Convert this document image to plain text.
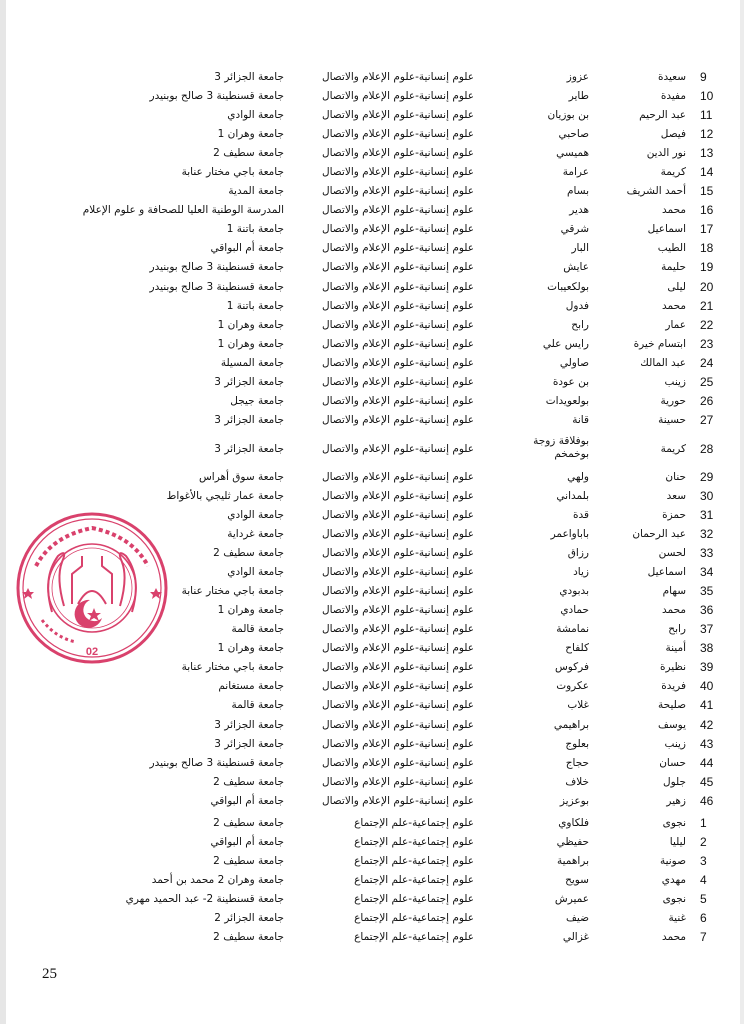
9
سعيدة
عزوز
علوم إنسانية-علوم الإعلام والاتصال
جامعة الجزائر 3
10
مفيدة
طاير
علوم إنسانية-علوم الإعلام والاتصال
جامعة قسنطينة 3 صالح بوبنيدر
11
عبد الرحيم
بن بوزيان
علوم إنسانية-علوم الإعلام والاتصال
جامعة الوادي
12
فيصل
صاحبي
علوم إنسانية-علوم الإعلام والاتصال
جامعة وهران 1
13
نور الدين
هميسي
علوم إنسانية-علوم الإعلام والاتصال
جامعة سطيف 2
14
كريمة
عرامة
علوم إنسانية-علوم الإعلام والاتصال
جامعة باجي مختار عنابة
15
أحمد الشريف
بسام
علوم إنسانية-علوم الإعلام والاتصال
جامعة المدية
16
محمد
هدير
علوم إنسانية-علوم الإعلام والاتصال
المدرسة الوطنية العليا للصحافة و علوم الإعلام
17
اسماعيل
شرقي
علوم إنسانية-علوم الإعلام والاتصال
جامعة باتنة 1
18
الطيب
البار
علوم إنسانية-علوم الإعلام والاتصال
جامعة أم البواقي
19
حليمة
عايش
علوم إنسانية-علوم الإعلام والاتصال
جامعة قسنطينة 3 صالح بوبنيدر
20
ليلى
بولكعيبات
علوم إنسانية-علوم الإعلام والاتصال
جامعة قسنطينة 3 صالح بوبنيدر
21
محمد
فدول
علوم إنسانية-علوم الإعلام والاتصال
جامعة باتنة 1
22
عمار
رابح
علوم إنسانية-علوم الإعلام والاتصال
جامعة وهران 1
23
ابتسام خيرة
رايس علي
علوم إنسانية-علوم الإعلام والاتصال
جامعة وهران 1
24
عبد المالك
صاولي
علوم إنسانية-علوم الإعلام والاتصال
جامعة المسيلة
25
زينب
بن عودة
علوم إنسانية-علوم الإعلام والاتصال
جامعة الجزائر 3
26
حورية
بولعويدات
علوم إنسانية-علوم الإعلام والاتصال
جامعة جيجل
27
حسينة
قانة
علوم إنسانية-علوم الإعلام والاتصال
جامعة الجزائر 3
28
كريمة
بوفلاقة زوجة بوخمخم
علوم إنسانية-علوم الإعلام والاتصال
جامعة الجزائر 3
29
حنان
ولهي
علوم إنسانية-علوم الإعلام والاتصال
جامعة سوق أهراس
30
سعد
بلمداني
علوم إنسانية-علوم الإعلام والاتصال
جامعة عمار ثليجي بالأغواط
31
حمزة
قدة
علوم إنسانية-علوم الإعلام والاتصال
جامعة الوادي
32
عبد الرحمان
باباواعمر
علوم إنسانية-علوم الإعلام والاتصال
جامعة غرداية
33
لحسن
رزاق
علوم إنسانية-علوم الإعلام والاتصال
جامعة سطيف 2
34
اسماعيل
زياد
علوم إنسانية-علوم الإعلام والاتصال
جامعة الوادي
35
سهام
بدبودي
علوم إنسانية-علوم الإعلام والاتصال
جامعة باجي مختار عنابة
36
محمد
حمادي
علوم إنسانية-علوم الإعلام والاتصال
جامعة وهران 1
37
رابح
نمامشة
علوم إنسانية-علوم الإعلام والاتصال
جامعة قالمة
38
أمينة
كلفاح
علوم إنسانية-علوم الإعلام والاتصال
جامعة وهران 1
39
نظيرة
فركوس
علوم إنسانية-علوم الإعلام والاتصال
جامعة باجي مختار عنابة
40
فريدة
عكروت
علوم إنسانية-علوم الإعلام والاتصال
جامعة مستغانم
41
صليحة
غلاب
علوم إنسانية-علوم الإعلام والاتصال
جامعة قالمة
42
يوسف
براهيمي
علوم إنسانية-علوم الإعلام والاتصال
جامعة الجزائر 3
43
زينب
بعلوج
علوم إنسانية-علوم الإعلام والاتصال
جامعة الجزائر 3
44
حسان
حجاج
علوم إنسانية-علوم الإعلام والاتصال
جامعة قسنطينة 3 صالح بوبنيدر
45
جلول
خلاف
علوم إنسانية-علوم الإعلام والاتصال
جامعة سطيف 2
46
زهير
بوعزيز
علوم إنسانية-علوم الإعلام والاتصال
جامعة أم البواقي
1
نجوى
فلكاوي
علوم إجتماعية-علم الإجتماع
جامعة سطيف 2
2
ليليا
حفيظي
علوم إجتماعية-علم الإجتماع
جامعة أم البواقي
3
صونية
براهمية
علوم إجتماعية-علم الإجتماع
جامعة سطيف 2
4
مهدي
سويح
علوم إجتماعية-علم الإجتماع
جامعة وهران 2 محمد بن أحمد
5
نجوى
عميرش
علوم إجتماعية-علم الإجتماع
جامعة قسنطينة 2- عبد الحميد مهري
6
غنية
ضيف
علوم إجتماعية-علم الإجتماع
جامعة الجزائر 2
7
محمد
غزالي
علوم إجتماعية-علم الإجتماع
جامعة سطيف 2
02
25
